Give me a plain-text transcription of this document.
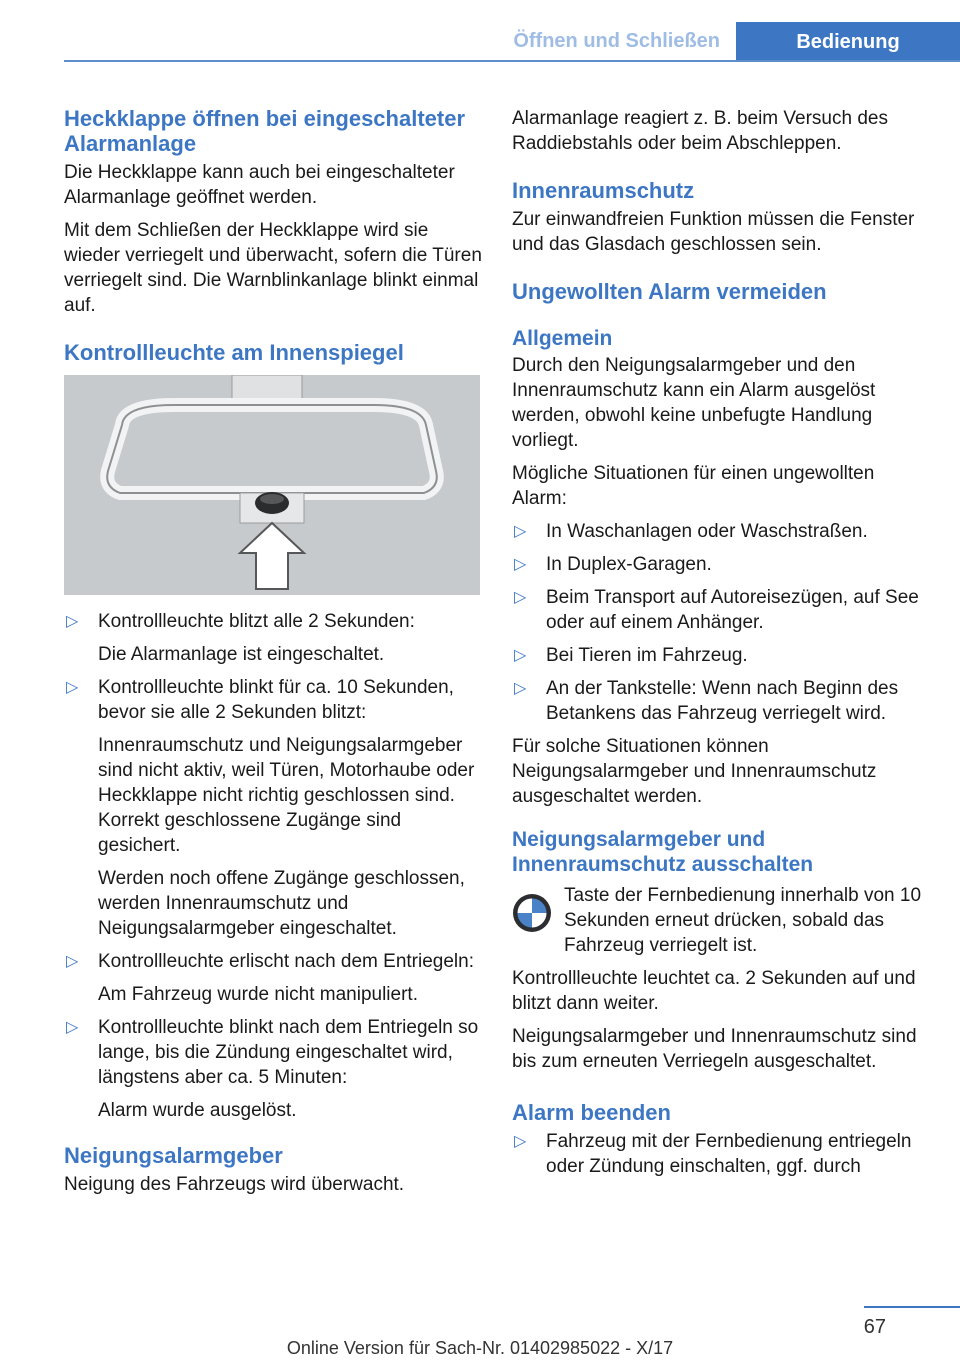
Öffnen und Schließen	Bedienung
Heckklappe öffnen bei eingeschalteter Alarmanlage

Die Heckklappe kann auch bei eingeschalteter Alarmanlage geöffnet werden.

Mit dem Schließen der Heckklappe wird sie wieder verriegelt und überwacht, sofern die Türen verriegelt sind. Die Warnblinkanlage blinkt einmal auf.

Kontrollleuchte am Innenspiegel
▷ Kontrollleuchte blitzt alle 2 Sekunden:
Die Alarmanlage ist eingeschaltet.
▷ Kontrollleuchte blinkt für ca. 10 Sekunden, bevor sie alle 2 Sekunden blitzt:
Innenraumschutz und Neigungsalarmgeber sind nicht aktiv, weil Türen, Motorhaube oder Heckklappe nicht richtig geschlossen sind. Korrekt geschlossene Zugänge sind gesichert.
Werden noch offene Zugänge geschlossen, werden Innenraumschutz und Neigungsalarmgeber eingeschaltet.
▷ Kontrollleuchte erlischt nach dem Entriegeln:
Am Fahrzeug wurde nicht manipuliert.
▷ Kontrollleuchte blinkt nach dem Entriegeln so lange, bis die Zündung eingeschaltet wird, längstens aber ca. 5 Minuten:
Alarm wurde ausgelöst.
Neigungsalarmgeber

Neigung des Fahrzeugs wird überwacht.

Alarmanlage reagiert z. B. beim Versuch des Raddiebstahls oder beim Abschleppen.

Innenraumschutz

Zur einwandfreien Funktion müssen die Fenster und das Glasdach geschlossen sein.

Ungewollten Alarm vermeiden
Allgemein

Durch den Neigungsalarmgeber und den Innenraumschutz kann ein Alarm ausgelöst werden, obwohl keine unbefugte Handlung vorliegt.

Mögliche Situationen für einen ungewollten Alarm:

▷ In Waschanlagen oder Waschstraßen.
▷ In Duplex-Garagen.
▷ Beim Transport auf Autoreisezügen, auf See oder auf einem Anhänger.
▷ Bei Tieren im Fahrzeug.
▷ An der Tankstelle: Wenn nach Beginn des Betankens das Fahrzeug verriegelt wird.

Für solche Situationen können Neigungsalarmgeber und Innenraumschutz ausgeschaltet werden.

Neigungsalarmgeber und Innenraumschutz ausschalten
Taste der Fernbedienung innerhalb von 10 Sekunden erneut drücken, sobald das Fahrzeug verriegelt ist.

Kontrollleuchte leuchtet ca. 2 Sekunden auf und blitzt dann weiter.

Neigungsalarmgeber und Innenraumschutz sind bis zum erneuten Verriegeln ausgeschaltet.

Alarm beenden
▷ Fahrzeug mit der Fernbedienung entriegeln oder Zündung einschalten, ggf. durch
67
Online Version für Sach-Nr. 01402985022 - X/17
